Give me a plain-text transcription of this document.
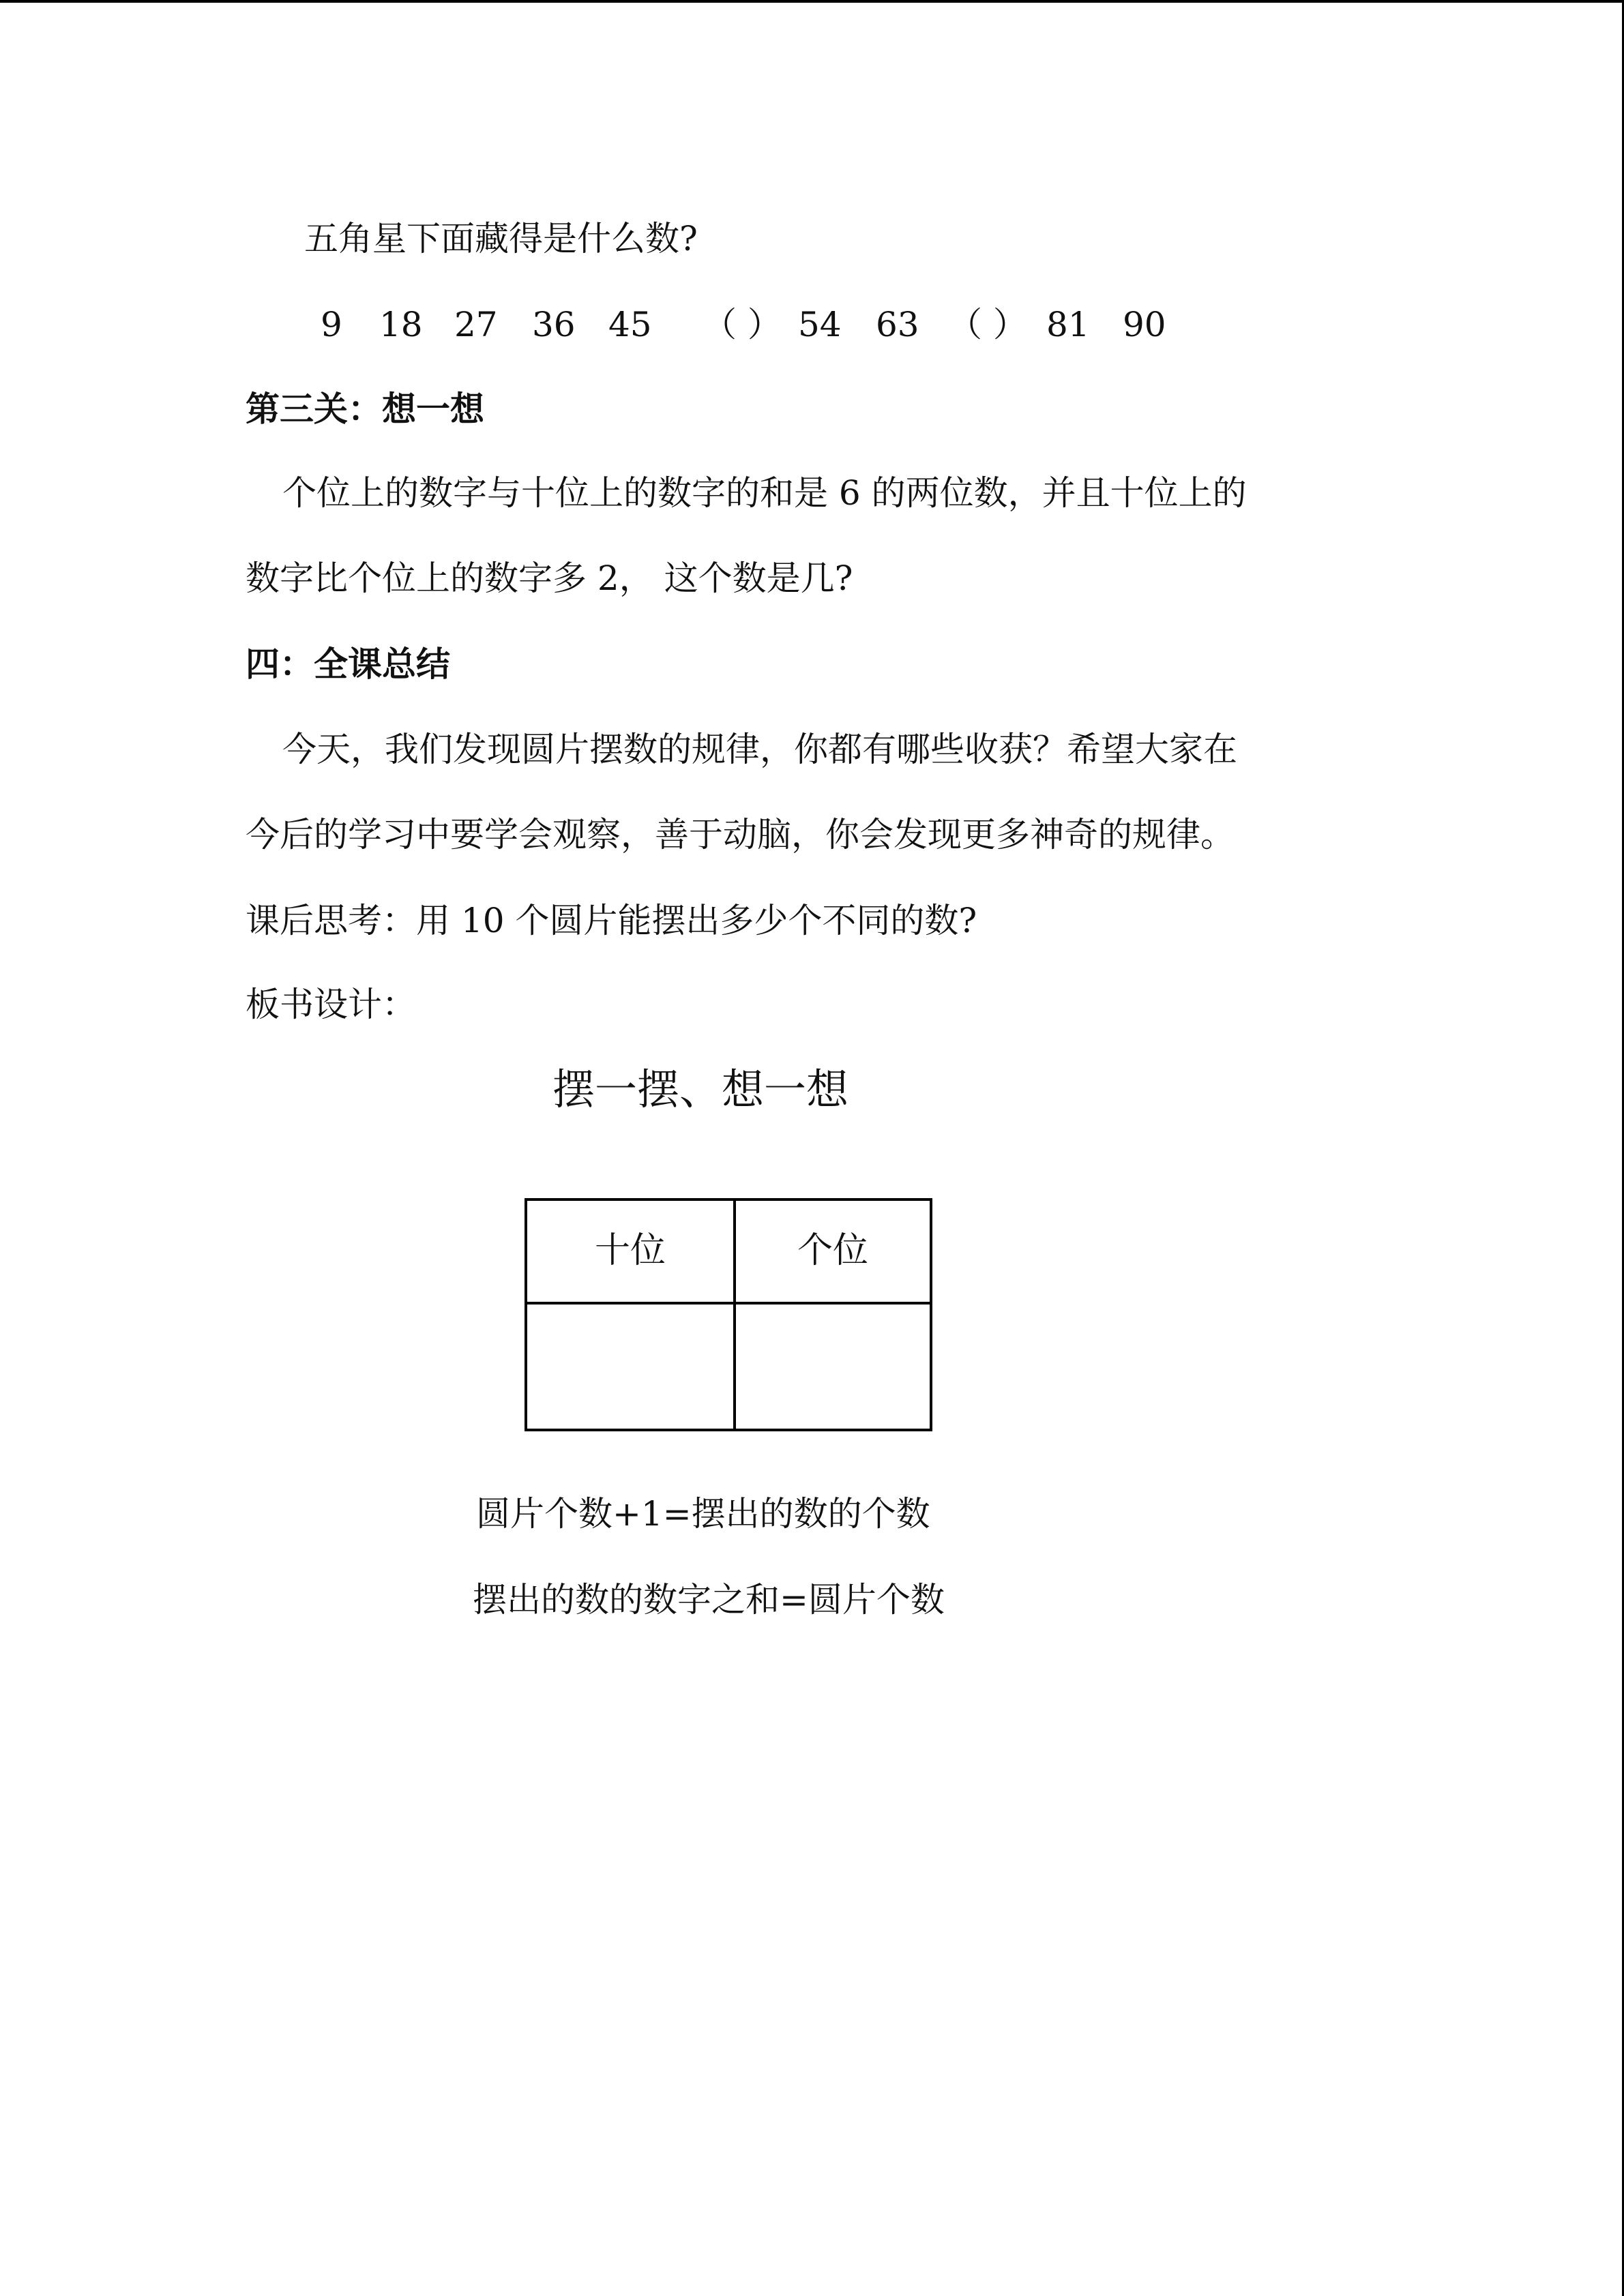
五角星下面藏得是什么数?
9 18 27 36 45 （ ） 54 63 （ ） 81 90
第三关：想一想
个位上的数字与十位上的数字的和是 6 的两位数，并且十位上的
数字比个位上的数字多 2， 这个数是几?
四：全课总结
今天，我们发现圆片摆数的规律，你都有哪些收获？希望大家在
今后的学习中要学会观察，善于动脑，你会发现更多神奇的规律。
课后思考：用 10 个圆片能摆出多少个不同的数?
板书设计：
摆一摆、想一想
十位	个位

圆片个数+1=摆出的数的个数
摆出的数的数字之和=圆片个数
